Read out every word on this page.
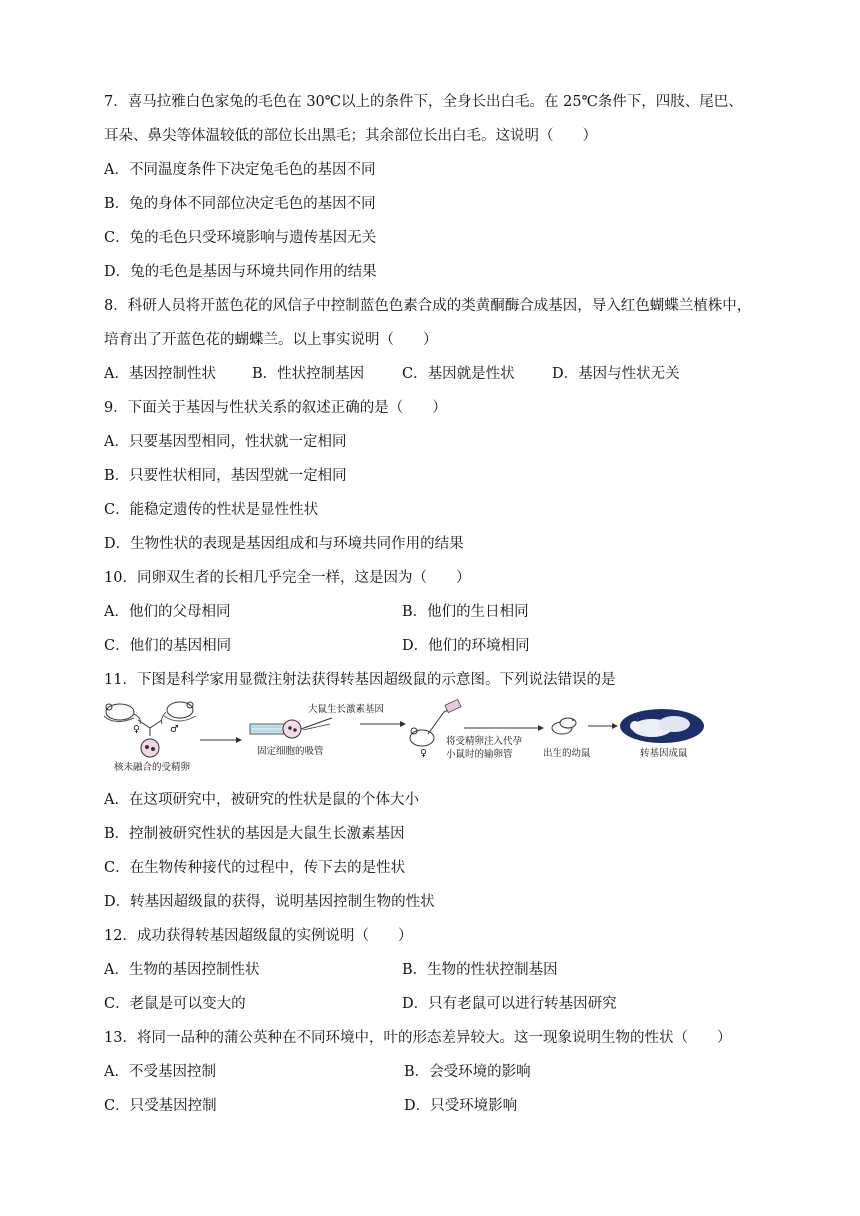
7．喜马拉雅白色家兔的毛色在 30℃以上的条件下，全身长出白毛。在 25℃条件下，四肢、尾巴、
耳朵、鼻尖等体温较低的部位长出黑毛；其余部位长出白毛。这说明（　　）
A．不同温度条件下决定兔毛色的基因不同
B．兔的身体不同部位决定毛色的基因不同
C．兔的毛色只受环境影响与遗传基因无关
D．兔的毛色是基因与环境共同作用的结果
8．科研人员将开蓝色花的风信子中控制蓝色色素合成的类黄酮酶合成基因，导入红色蝴蝶兰植株中，
培育出了开蓝色花的蝴蝶兰。以上事实说明（　　）
A．基因控制性状 B．性状控制基因	C．基因就是性状	D．基因与性状无关
9．下面关于基因与性状关系的叙述正确的是（　　）
A．只要基因型相同，性状就一定相同
B．只要性状相同，基因型就一定相同
C．能稳定遗传的性状是显性性状
D．生物性状的表现是基因组成和与环境共同作用的结果
10．同卵双生者的长相几乎完全一样，这是因为（　　）
A．他们的父母相同	B．他们的生日相同
C．他们的基因相同	D．他们的环境相同
11．下图是科学家用显微注射法获得转基因超级鼠的示意图。下列说法错误的是
♀	♂
核未融合的受精卵
大鼠生长激素基因
固定细胞的吸管	♀
将受精卵注入代孕
小鼠时的输卵管	出生的幼鼠	转基因成鼠
A．在这项研究中，被研究的性状是鼠的个体大小
B．控制被研究性状的基因是大鼠生长激素基因
C．在生物传种接代的过程中，传下去的是性状
D．转基因超级鼠的获得，说明基因控制生物的性状
12．成功获得转基因超级鼠的实例说明（　　）
A．生物的基因控制性状	B．生物的性状控制基因
C．老鼠是可以变大的	D．只有老鼠可以进行转基因研究
13．将同一品种的蒲公英种在不同环境中，叶的形态差异较大。这一现象说明生物的性状（　　）
A．不受基因控制	B．会受环境的影响
C．只受基因控制	D．只受环境影响
